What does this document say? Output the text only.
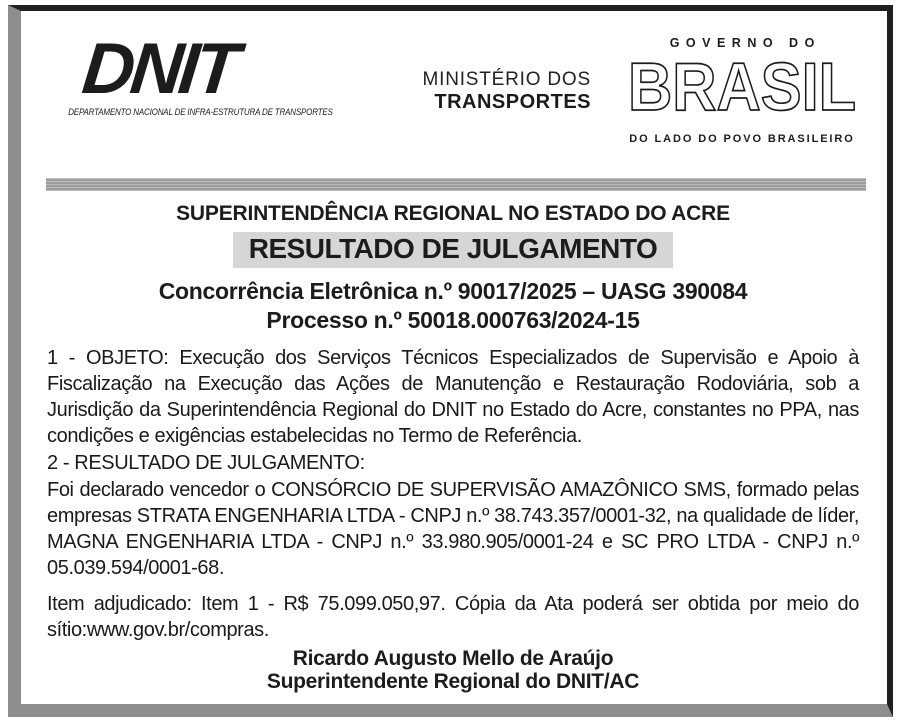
DNIT
DEPARTAMENTO NACIONAL DE INFRA-ESTRUTURA DE TRANSPORTES
MINISTÉRIO DOS
TRANSPORTES
GOVERNO DO
BRASIL
DO LADO DO POVO BRASILEIRO
SUPERINTENDÊNCIA REGIONAL NO ESTADO DO ACRE
RESULTADO DE JULGAMENTO
Concorrência Eletrônica n.º 90017/2025 – UASG 390084
Processo n.º 50018.000763/2024-15

1 - OBJETO: Execução dos Serviços Técnicos Especializados de Supervisão e Apoio à Fiscalização na Execução das Ações de Manutenção e Restauração Rodoviária, sob a Jurisdição da Superintendência Regional do DNIT no Estado do Acre, constantes no PPA, nas condições e exigências estabelecidas no Termo de Referência.

2 - RESULTADO DE JULGAMENTO:

Foi declarado vencedor o CONSÓRCIO DE SUPERVISÃO AMAZÔNICO SMS, formado pelas empresas STRATA ENGENHARIA LTDA - CNPJ n.º 38.743.357/0001-32, na qualidade de líder, MAGNA ENGENHARIA LTDA - CNPJ n.º 33.980.905/0001-24 e SC PRO LTDA - CNPJ n.º 05.039.594/0001-68.

Item adjudicado: Item 1 - R$ 75.099.050,97. Cópia da Ata poderá ser obtida por meio do sítio:www.gov.br/compras.

Ricardo Augusto Mello de Araújo
Superintendente Regional do DNIT/AC
